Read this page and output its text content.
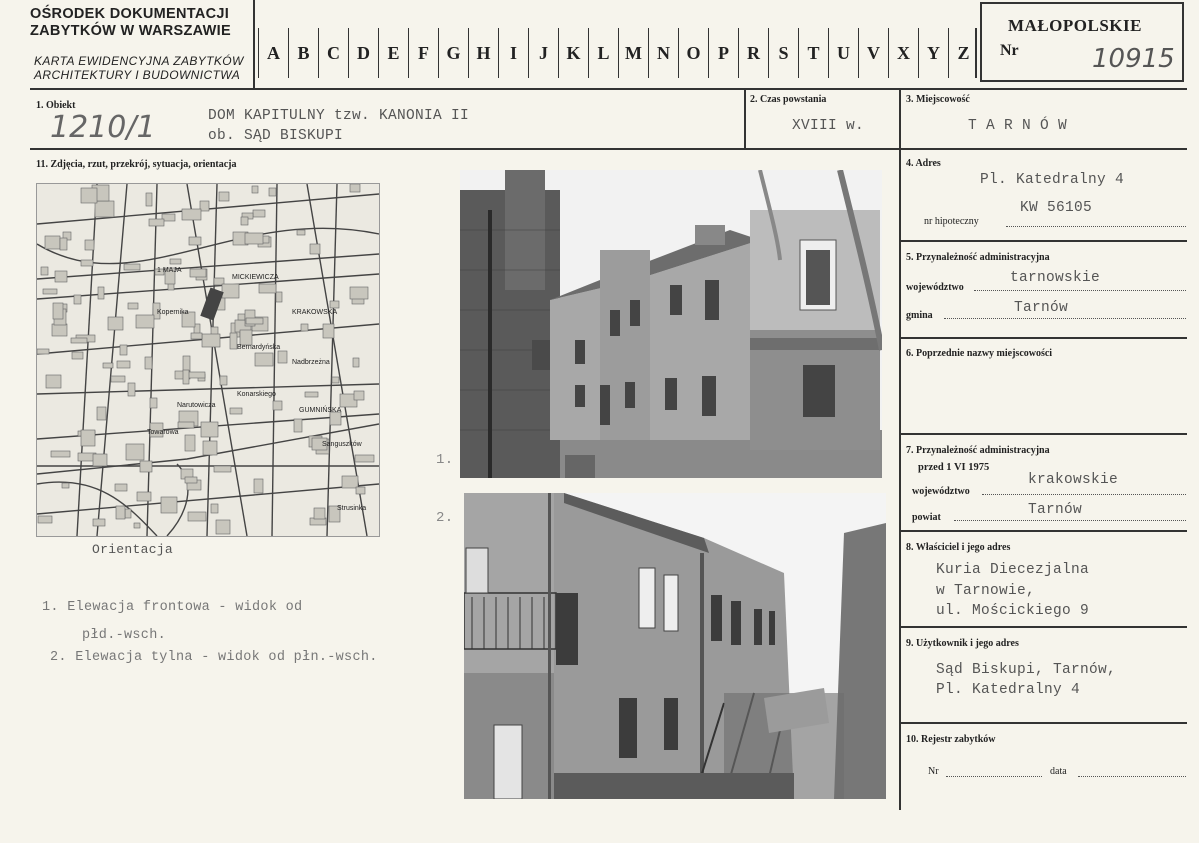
OŚRODEK DOKUMENTACJI
ZABYTKÓW W WARSZAWIE
KARTA EWIDENCYJNA ZABYTKÓW
ARCHITEKTURY I BUDOWNICTWA
A B C D E	F G H	I	J	K L M N O P	R	S	T U V X Y Z
MAŁOPOLSKIE
Nr	10915
1. Obiekt
1210/1	DOM KAPITULNY tzw. KANONIA II
ob. SĄD BISKUPI
2. Czas powstania
XVIII w.
3. Miejscowość
T A R N Ó W
11. Zdjęcia, rzut, przekrój, sytuacja, orientacja
1 MAJA
MICKIEWICZA
KRAKOWSKA
GUMNIŃSKA
Narutowicza
Towarowa
Konarskiego
Sanguszków
Bernardyńska
Kopernika
Nadbrzeżna
Strusinka
Orientacja
1. Elewacja frontowa - widok od
płd.-wsch.
2. Elewacja tylna - widok od płn.-wsch.
1.
2.
4. Adres
Pl. Katedralny 4
nr hipoteczny
KW 56105
5. Przynależność administracyjna
województwo
tarnowskie
gmina	Tarnów
6. Poprzednie nazwy miejscowości
7. Przynależność administracyjna
przed 1 VI 1975
województwo
krakowskie
powiat	Tarnów
8. Właściciel i jego adres
Kuria Diecezjalna
w Tarnowie,
ul. Mościckiego 9
9. Użytkownik i jego adres
Sąd Biskupi, Tarnów,
Pl. Katedralny 4
10. Rejestr zabytków
Nr	data
